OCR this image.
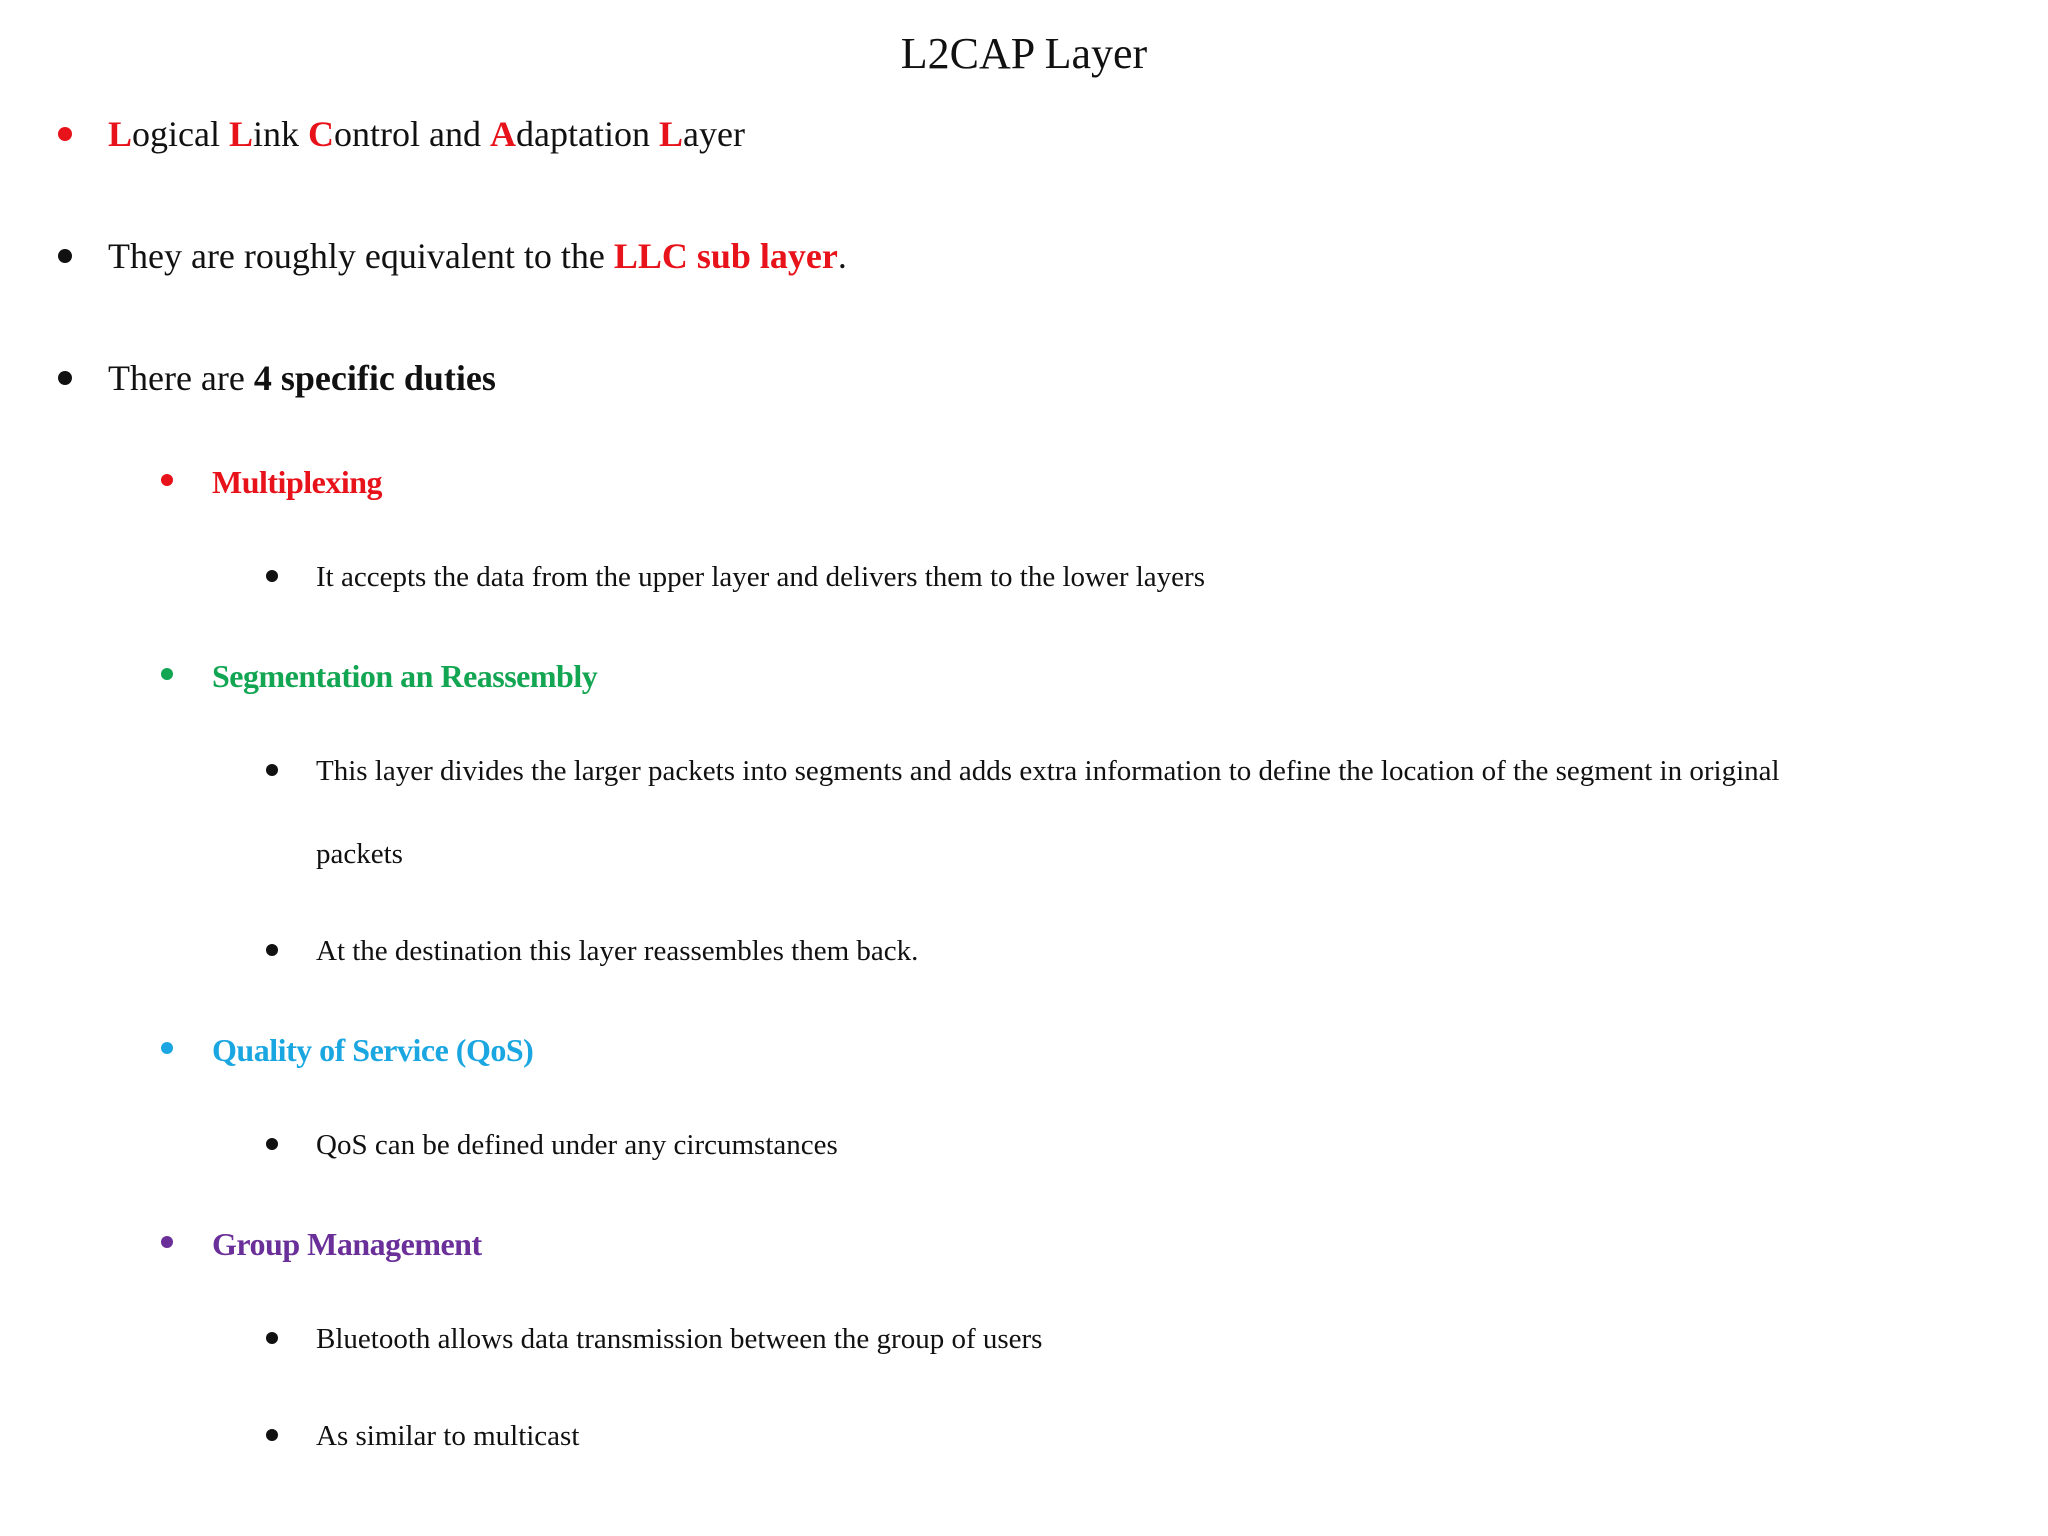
L2CAP Layer
Logical Link Control and Adaptation Layer
They are roughly equivalent to the LLC sub layer.
There are 4 specific duties
Multiplexing
It accepts the data from the upper layer and delivers them to the lower layers
Segmentation an Reassembly
This layer divides the larger packets into segments and adds extra information to define the location of the segment in original
packets
At the destination this layer reassembles them back.
Quality of Service (QoS)
QoS can be defined under any circumstances
Group Management
Bluetooth allows data transmission between the group of users
As similar to multicast
